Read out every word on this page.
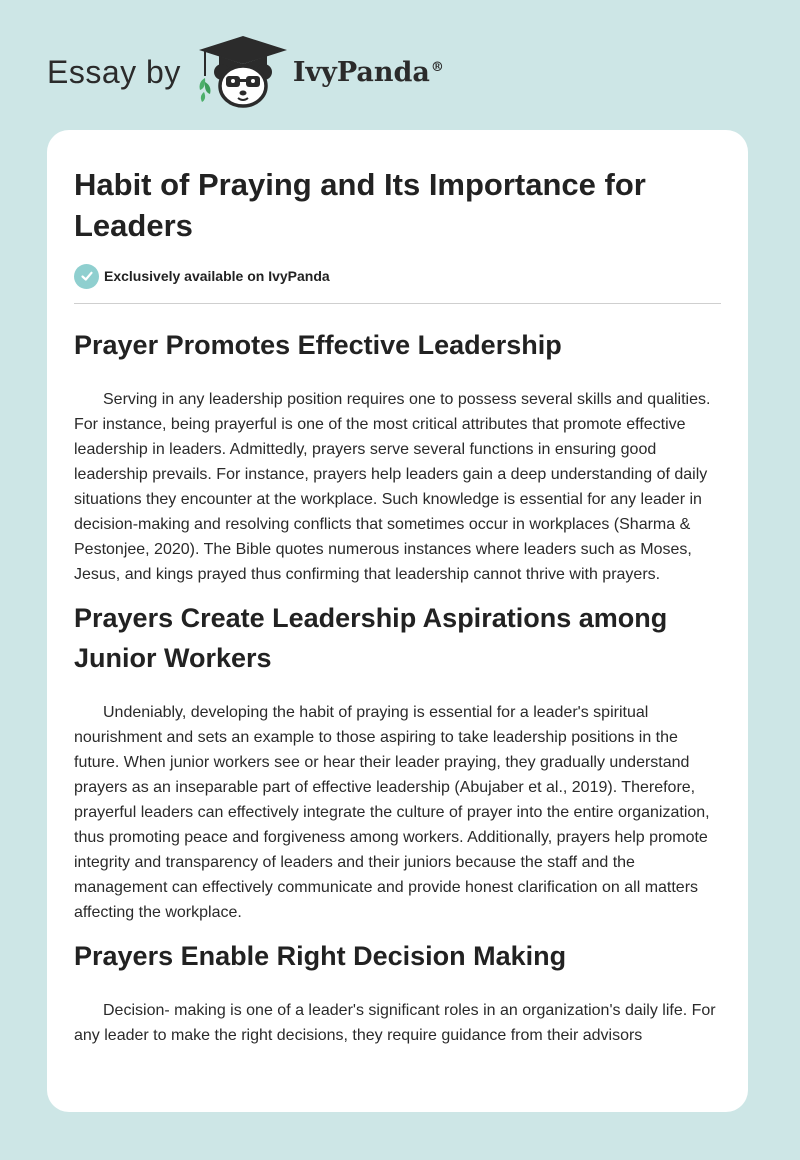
Essay by	IvyPanda®
Habit of Praying and Its Importance for Leaders
Exclusively available on IvyPanda
Prayer Promotes Effective Leadership

Serving in any leadership position requires one to possess several skills and qualities. For instance, being prayerful is one of the most critical attributes that promote effective leadership in leaders. Admittedly, prayers serve several functions in ensuring good leadership prevails. For instance, prayers help leaders gain a deep understanding of daily situations they encounter at the workplace. Such knowledge is essential for any leader in decision-making and resolving conflicts that sometimes occur in workplaces (Sharma & Pestonjee, 2020). The Bible quotes numerous instances where leaders such as Moses, Jesus, and kings prayed thus confirming that leadership cannot thrive with prayers.

Prayers Create Leadership Aspirations among Junior Workers

Undeniably, developing the habit of praying is essential for a leader's spiritual nourishment and sets an example to those aspiring to take leadership positions in the future. When junior workers see or hear their leader praying, they gradually understand prayers as an inseparable part of effective leadership (Abujaber et al., 2019). Therefore, prayerful leaders can effectively integrate the culture of prayer into the entire organization, thus promoting peace and forgiveness among workers. Additionally, prayers help promote integrity and transparency of leaders and their juniors because the staff and the management can effectively communicate and provide honest clarification on all matters affecting the workplace.

Prayers Enable Right Decision Making

Decision- making is one of a leader's significant roles in an organization's daily life. For any leader to make the right decisions, they require guidance from their advisors
